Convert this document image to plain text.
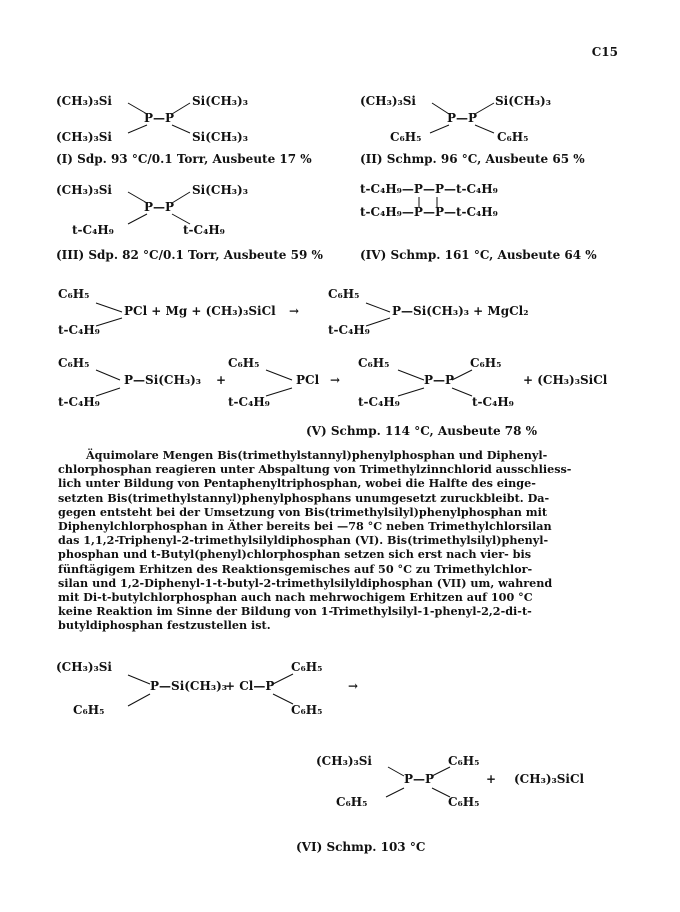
C15
(CH₃)₃Si	Si(CH₃)₃
P—P
(CH₃)₃Si	Si(CH₃)₃
(CH₃)₃Si	Si(CH₃)₃
P—P
C₆H₅	C₆H₅
(CH₃)₃Si	Si(CH₃)₃
P—P
t-C₄H₉	t-C₄H₉
t-C₄H₉—P—P—t-C₄H₉
t-C₄H₉—P—P—t-C₄H₉
C₆H₅
PCl + Mg + (CH₃)₃SiCl
t-C₄H₉
→
C₆H₅
P—Si(CH₃)₃ + MgCl₂
t-C₄H₉
C₆H₅
P—Si(CH₃)₃
t-C₄H₉
+
C₆H₅
PCl
t-C₄H₉
→
C₆H₅
P—P
C₆H₅
t-C₄H₉	t-C₄H₉
+ (CH₃)₃SiCl
(CH₃)₃Si
P—Si(CH₃)₃
C₆H₅
+ Cl—P
C₆H₅
C₆H₅
→
(CH₃)₃Si
P—P
C₆H₅
C₆H₅	C₆H₅
+ (CH₃)₃SiCl
(I) Sdp. 93 °C/0.1 Torr, Ausbeute 17 %	(II) Schmp. 96 °C, Ausbeute 65 %
(III) Sdp. 82 °C/0.1 Torr, Ausbeute 59 %	(IV) Schmp. 161 °C, Ausbeute 64 %
(V) Schmp. 114 °C, Ausbeute 78 %
(VI) Schmp. 103 °C
Äquimolare Mengen Bis(trimethylstannyl)phenylphosphan und Diphenyl-
chlorphosphan reagieren unter Abspaltung von Trimethylzinnchlorid ausschliess-
lich unter Bildung von Pentaphenyltriphosphan, wobei die Halfte des einge-
setzten Bis(trimethylstannyl)phenylphosphans unumgesetzt zuruckbleibt. Da-
gegen entsteht bei der Umsetzung von Bis(trimethylsilyl)phenylphosphan mit
Diphenylchlorphosphan in Äther bereits bei —78 °C neben Trimethylchlorsilan
das 1,1,2-Triphenyl-2-trimethylsilyldiphosphan (VI). Bis(trimethylsilyl)phenyl-
phosphan und t-Butyl(phenyl)chlorphosphan setzen sich erst nach vier- bis
fünftägigem Erhitzen des Reaktionsgemisches auf 50 °C zu Trimethylchlor-
silan und 1,2-Diphenyl-1-t-butyl-2-trimethylsilyldiphosphan (VII) um, wahrend
mit Di-t-butylchlorphosphan auch nach mehrwochigem Erhitzen auf 100 °C
keine Reaktion im Sinne der Bildung von 1-Trimethylsilyl-1-phenyl-2,2-di-t-
butyldiphosphan festzustellen ist.
